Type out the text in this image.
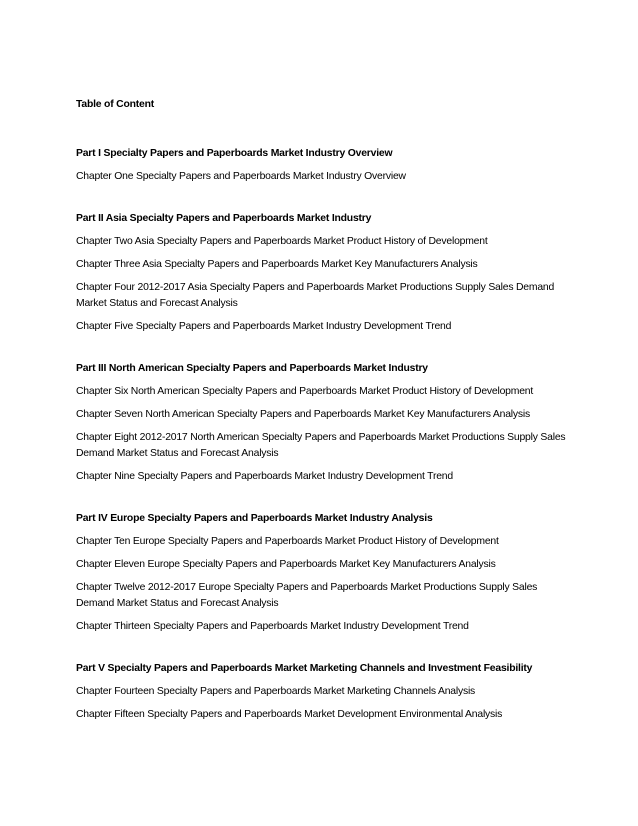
Table of Content
Part I Specialty Papers and Paperboards Market Industry Overview
Chapter One Specialty Papers and Paperboards Market Industry Overview
Part II Asia Specialty Papers and Paperboards Market Industry
Chapter Two Asia Specialty Papers and Paperboards Market Product History of Development
Chapter Three Asia Specialty Papers and Paperboards Market Key Manufacturers Analysis
Chapter Four 2012-2017 Asia Specialty Papers and Paperboards Market Productions Supply Sales Demand Market Status and Forecast Analysis
Chapter Five Specialty Papers and Paperboards Market Industry Development Trend
Part III North American Specialty Papers and Paperboards Market Industry
Chapter Six North American Specialty Papers and Paperboards Market Product History of Development
Chapter Seven North American Specialty Papers and Paperboards Market Key Manufacturers Analysis
Chapter Eight 2012-2017 North American Specialty Papers and Paperboards Market Productions Supply Sales Demand Market Status and Forecast Analysis
Chapter Nine Specialty Papers and Paperboards Market Industry Development Trend
Part IV Europe Specialty Papers and Paperboards Market Industry Analysis
Chapter Ten Europe Specialty Papers and Paperboards Market Product History of Development
Chapter Eleven Europe Specialty Papers and Paperboards Market Key Manufacturers Analysis
Chapter Twelve 2012-2017 Europe Specialty Papers and Paperboards Market Productions Supply Sales Demand Market Status and Forecast Analysis
Chapter Thirteen Specialty Papers and Paperboards Market Industry Development Trend
Part V Specialty Papers and Paperboards Market Marketing Channels and Investment Feasibility
Chapter Fourteen Specialty Papers and Paperboards Market Marketing Channels Analysis
Chapter Fifteen Specialty Papers and Paperboards Market Development Environmental Analysis
